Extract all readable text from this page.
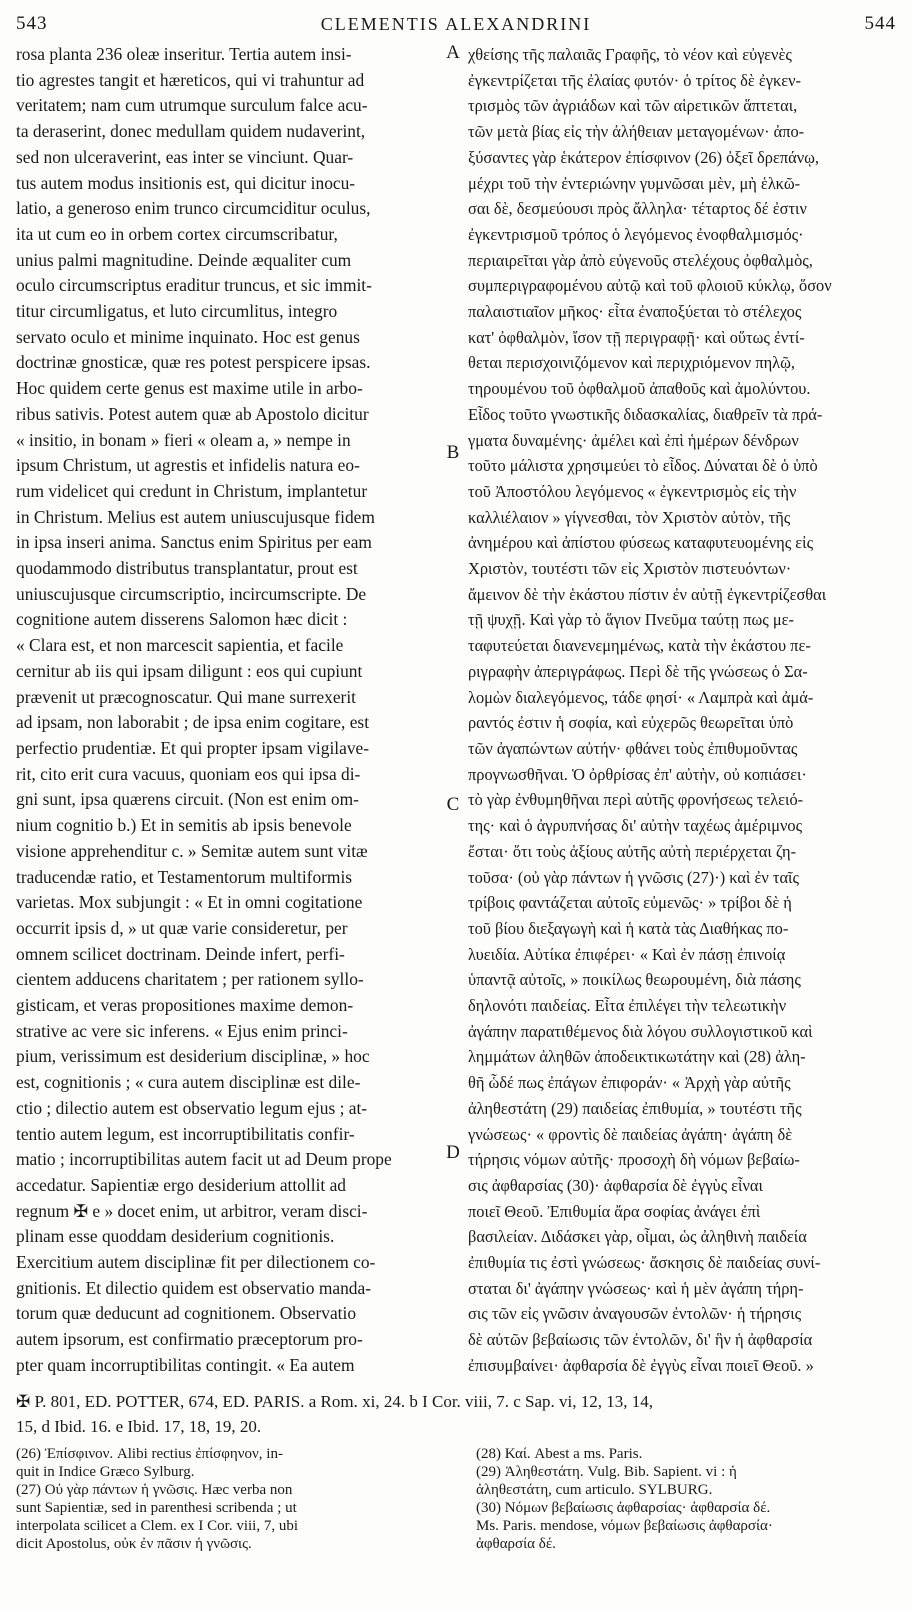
543	CLEMENTIS ALEXANDRINI	544

rosa planta 236 oleæ inseritur. Tertia autem insi-

tio agrestes tangit et hæreticos, qui vi trahuntur ad

veritatem; nam cum utrumque surculum falce acu-

ta deraserint, donec medullam quidem nudaverint,

sed non ulceraverint, eas inter se vinciunt. Quar-

tus autem modus insitionis est, qui dicitur inocu-

latio, a generoso enim trunco circumciditur oculus,

ita ut cum eo in orbem cortex circumscribatur,

unius palmi magnitudine. Deinde æqualiter cum

oculo circumscriptus eraditur truncus, et sic immit-

titur circumligatus, et luto circumlitus, integro

servato oculo et minime inquinato. Hoc est genus

doctrinæ gnosticæ, quæ res potest perspicere ipsas.

Hoc quidem certe genus est maxime utile in arbo-

ribus sativis. Potest autem quæ ab Apostolo dicitur

« insitio, in bonam » fieri « oleam a, » nempe in

ipsum Christum, ut agrestis et infidelis natura eo-

rum videlicet qui credunt in Christum, implantetur

in Christum. Melius est autem uniuscujusque fidem

in ipsa inseri anima. Sanctus enim Spiritus per eam

quodammodo distributus transplantatur, prout est

uniuscujusque circumscriptio, incircumscripte. De

cognitione autem disserens Salomon hæc dicit :

« Clara est, et non marcescit sapientia, et facile

cernitur ab iis qui ipsam diligunt : eos qui cupiunt

prævenit ut præcognoscatur. Qui mane surrexerit

ad ipsam, non laborabit ; de ipsa enim cogitare, est

perfectio prudentiæ. Et qui propter ipsam vigilave-

rit, cito erit cura vacuus, quoniam eos qui ipsa di-

gni sunt, ipsa quærens circuit. (Non est enim om-

nium cognitio b.) Et in semitis ab ipsis benevole

visione apprehenditur c. » Semitæ autem sunt vitæ

traducendæ ratio, et Testamentorum multiformis

varietas. Mox subjungit : « Et in omni cogitatione

occurrit ipsis d, » ut quæ varie consideretur, per

omnem scilicet doctrinam. Deinde infert, perfi-

cientem adducens charitatem ; per rationem syllo-

gisticam, et veras propositiones maxime demon-

strative ac vere sic inferens. « Ejus enim princi-

pium, verissimum est desiderium disciplinæ, » hoc

est, cognitionis ; « cura autem disciplinæ est dile-

ctio ; dilectio autem est observatio legum ejus ; at-

tentio autem legum, est incorruptibilitatis confir-

matio ; incorruptibilitas autem facit ut ad Deum prope

accedatur. Sapientiæ ergo desiderium attollit ad

regnum ✠ e » docet enim, ut arbitror, veram disci-

plinam esse quoddam desiderium cognitionis.

Exercitium autem disciplinæ fit per dilectionem co-

gnitionis. Et dilectio quidem est observatio manda-

torum quæ deducunt ad cognitionem. Observatio

autem ipsorum, est confirmatio præceptorum pro-

pter quam incorruptibilitas contingit. « Ea autem

A
B
C
D

χθείσης τῆς παλαιᾶς Γραφῆς, τὸ νέον καὶ εὐγενὲς

ἐγκεντρίζεται τῆς ἐλαίας φυτόν· ὁ τρίτος δὲ ἐγκεν-

τρισμὸς τῶν ἀγριάδων καὶ τῶν αἱρετικῶν ἅπτεται,

τῶν μετὰ βίας εἰς τὴν ἀλήθειαν μεταγομένων· ἀπο-

ξύσαντες γὰρ ἑκάτερον ἐπίσφινον (26) ὀξεῖ δρεπάνῳ,

μέχρι τοῦ τὴν ἐντεριώνην γυμνῶσαι μὲν, μὴ ἑλκῶ-

σαι δὲ, δεσμεύουσι πρὸς ἄλληλα· τέταρτος δέ ἐστιν

ἐγκεντρισμοῦ τρόπος ὁ λεγόμενος ἐνοφθαλμισμός·

περιαιρεῖται γὰρ ἀπὸ εὐγενοῦς στελέχους ὀφθαλμὸς,

συμπεριγραφομένου αὐτῷ καὶ τοῦ φλοιοῦ κύκλῳ, ὅσον

παλαιστιαῖον μῆκος· εἶτα ἐναποξύεται τὸ στέλεχος

κατ' ὀφθαλμὸν, ἴσον τῇ περιγραφῇ· καὶ οὕτως ἐντί-

θεται περισχοινιζόμενον καὶ περιχριόμενον πηλῷ,

τηρουμένου τοῦ ὀφθαλμοῦ ἀπαθοῦς καὶ ἀμολύντου.

Εἶδος τοῦτο γνωστικῆς διδασκαλίας, διαθρεῖν τὰ πρά-

γματα δυναμένης· ἀμέλει καὶ ἐπὶ ἡμέρων δένδρων

τοῦτο μάλιστα χρησιμεύει τὸ εἶδος. Δύναται δὲ ὁ ὑπὸ

τοῦ Ἀποστόλου λεγόμενος « ἐγκεντρισμὸς εἰς τὴν

καλλιέλαιον » γίγνεσθαι, τὸν Χριστὸν αὐτὸν, τῆς

ἀνημέρου καὶ ἀπίστου φύσεως καταφυτευομένης εἰς

Χριστὸν, τουτέστι τῶν εἰς Χριστὸν πιστευόντων·

ἄμεινον δὲ τὴν ἑκάστου πίστιν ἐν αὐτῇ ἐγκεντρίζεσθαι

τῇ ψυχῇ. Καὶ γὰρ τὸ ἅγιον Πνεῦμα ταύτῃ πως με-

ταφυτεύεται διανενεμημένως, κατὰ τὴν ἑκάστου πε-

ριγραφὴν ἀπεριγράφως. Περὶ δὲ τῆς γνώσεως ὁ Σα-

λομὼν διαλεγόμενος, τάδε φησί· « Λαμπρὰ καὶ ἀμά-

ραντός ἐστιν ἡ σοφία, καὶ εὐχερῶς θεωρεῖται ὑπὸ

τῶν ἀγαπώντων αὐτήν· φθάνει τοὺς ἐπιθυμοῦντας

προγνωσθῆναι. Ὁ ὀρθρίσας ἐπ' αὐτὴν, οὐ κοπιάσει·

τὸ γὰρ ἐνθυμηθῆναι περὶ αὐτῆς φρονήσεως τελειό-

της· καὶ ὁ ἀγρυπνήσας δι' αὐτὴν ταχέως ἀμέριμνος

ἔσται· ὅτι τοὺς ἀξίους αὐτῆς αὐτὴ περιέρχεται ζη-

τοῦσα· (οὐ γὰρ πάντων ἡ γνῶσις (27)·) καὶ ἐν ταῖς

τρίβοις φαντάζεται αὐτοῖς εὐμενῶς· » τρίβοι δὲ ἡ

τοῦ βίου διεξαγωγὴ καὶ ἡ κατὰ τὰς Διαθήκας πο-

λυειδία. Αὐτίκα ἐπιφέρει· « Καὶ ἐν πάσῃ ἐπινοίᾳ

ὑπαντᾷ αὐτοῖς, » ποικίλως θεωρουμένη, διὰ πάσης

δηλονότι παιδείας. Εἶτα ἐπιλέγει τὴν τελεωτικὴν

ἀγάπην παρατιθέμενος διὰ λόγου συλλογιστικοῦ καὶ

λημμάτων ἀληθῶν ἀποδεικτικωτάτην καὶ (28) ἀλη-

θῆ ὧδέ πως ἐπάγων ἐπιφοράν· « Ἀρχὴ γὰρ αὐτῆς

ἀληθεστάτη (29) παιδείας ἐπιθυμία, » τουτέστι τῆς

γνώσεως· « φροντὶς δὲ παιδείας ἀγάπη· ἀγάπη δὲ

τήρησις νόμων αὐτῆς· προσοχὴ δὴ νόμων βεβαίω-

σις ἀφθαρσίας (30)· ἀφθαρσία δὲ ἐγγὺς εἶναι

ποιεῖ Θεοῦ. Ἐπιθυμία ἄρα σοφίας ἀνάγει ἐπὶ

βασιλείαν. Διδάσκει γὰρ, οἶμαι, ὡς ἀληθινὴ παιδεία

ἐπιθυμία τις ἐστὶ γνώσεως· ἄσκησις δὲ παιδείας συνί-

σταται δι' ἀγάπην γνώσεως· καὶ ἡ μὲν ἀγάπη τήρη-

σις τῶν εἰς γνῶσιν ἀναγουσῶν ἐντολῶν· ἡ τήρησις

δὲ αὐτῶν βεβαίωσις τῶν ἐντολῶν, δι' ἣν ἡ ἀφθαρσία

ἐπισυμβαίνει· ἀφθαρσία δὲ ἐγγὺς εἶναι ποιεῖ Θεοῦ. »

✠ P. 801, ED. POTTER, 674, ED. PARIS. a Rom. xi, 24. b I Cor. viii, 7. c Sap. vi, 12, 13, 14,

15, d Ibid. 16. e Ibid. 17, 18, 19, 20.

(26) Ἐπίσφινον. Alibi rectius ἐπίσφηνον, in-

quit in Indice Græco Sylburg.

(27) Οὐ γὰρ πάντων ἡ γνῶσις. Hæc verba non

sunt Sapientiæ, sed in parenthesi scribenda ; ut

interpolata scilicet a Clem. ex I Cor. viii, 7, ubi

dicit Apostolus, οὐκ ἐν πᾶσιν ἡ γνῶσις.

(28) Καί. Abest a ms. Paris.

(29) Ἀληθεστάτη. Vulg. Bib. Sapient. vi : ἡ

ἀληθεστάτη, cum articulo. SYLBURG.

(30) Νόμων βεβαίωσις ἀφθαρσίας· ἀφθαρσία δέ.

Ms. Paris. mendose, νόμων βεβαίωσις ἀφθαρσία·

ἀφθαρσία δέ.
